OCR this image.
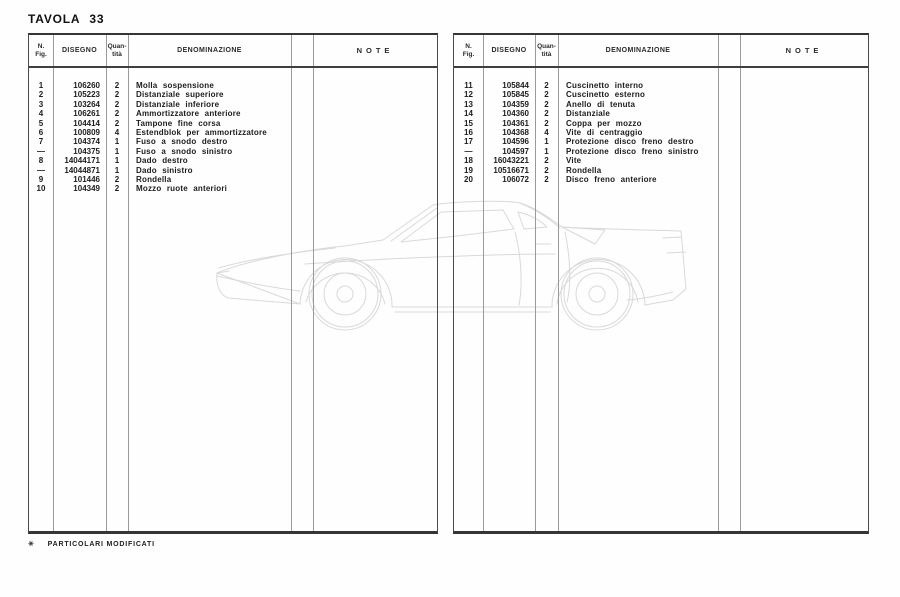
TAVOLA 33
N.
Fig.	DISEGNO
Quan-
tità	DENOMINAZIONE	NOTE
1	106260	2	Molla sospensione
2	105223	2	Distanziale superiore
3	103264	2	Distanziale inferiore
4	106261	2	Ammortizzatore anteriore
5	104414	2	Tampone fine corsa
6	100809	4	Estendblok per ammortizzatore
7	104374	1	Fuso a snodo destro
—	104375	1	Fuso a snodo sinistro
8	14044171	1	Dado destro
—	14044871	1	Dado sinistro
9	101446	2	Rondella
10	104349	2	Mozzo ruote anteriori
N.
Fig.	DISEGNO
Quan-
tità	DENOMINAZIONE	NOTE
11	105844	2	Cuscinetto interno
12	105845	2	Cuscinetto esterno
13	104359	2	Anello di tenuta
14	104360	2	Distanziale
15	104361	2	Coppa per mozzo
16	104368	4	Vite di centraggio
17	104596	1	Protezione disco freno destro
—	104597	1	Protezione disco freno sinistro
18	16043221	2	Vite
19	10516671	2	Rondella
20	106072	2	Disco freno anteriore
✳ PARTICOLARI MODIFICATI
